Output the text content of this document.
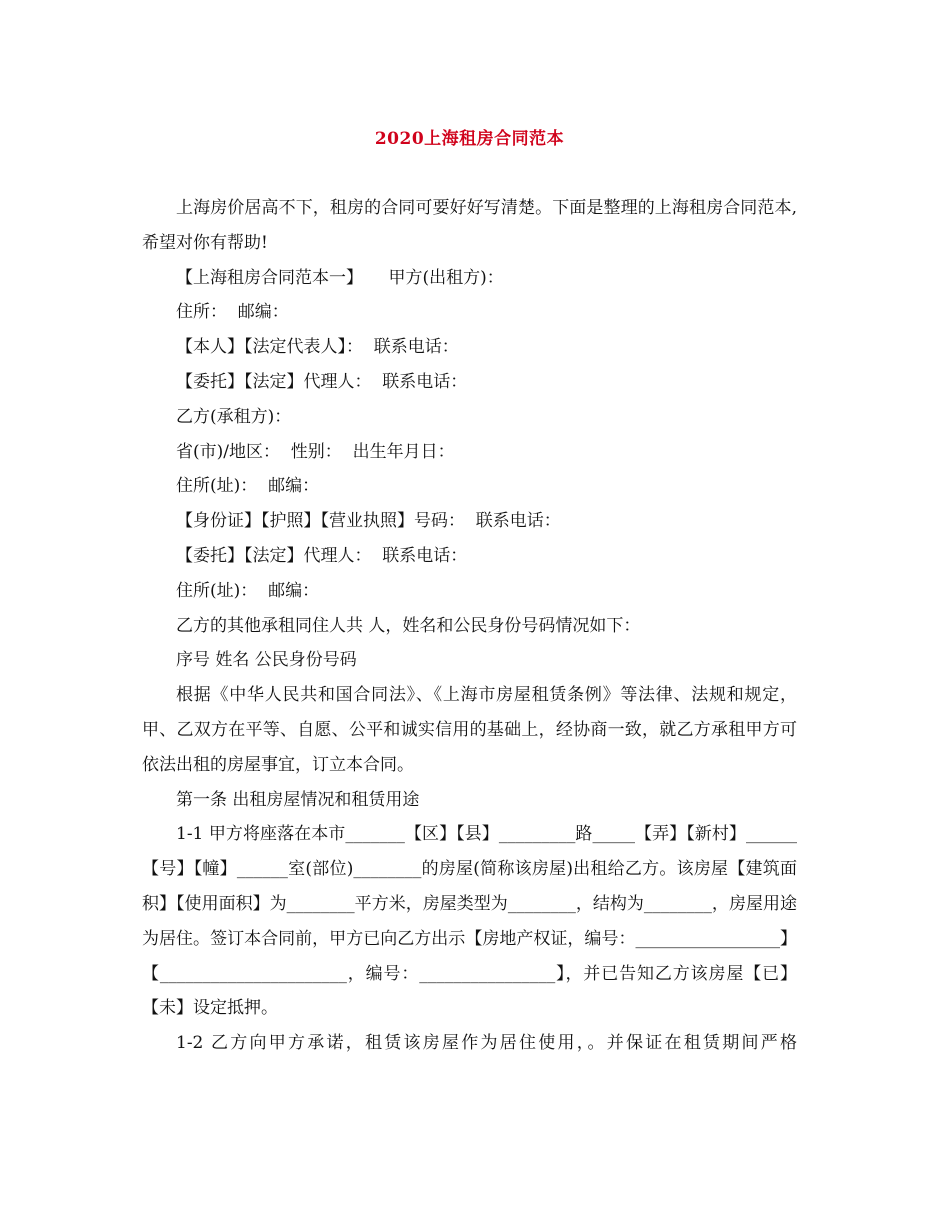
2020上海租房合同范本

上海房价居高不下，租房的合同可要好好写清楚。下面是整理的上海租房合同范本,希望对你有帮助!

【上海租房合同范本一】　　甲方(出租方)：

住所：  邮编：

【本人】【法定代表人】：  联系电话：

【委托】【法定】代理人：  联系电话：

乙方(承租方)：

省(市)/地区：  性别：  出生年月日：

住所(址)：  邮编：

【身份证】【护照】【营业执照】号码：  联系电话：

【委托】【法定】代理人：  联系电话：

住所(址)：  邮编：

乙方的其他承租同住人共 人，姓名和公民身份号码情况如下：

序号 姓名 公民身份号码

根据《中华人民共和国合同法》、《上海市房屋租赁条例》等法律、法规和规定，甲、乙双方在平等、自愿、公平和诚实信用的基础上，经协商一致，就乙方承租甲方可依法出租的房屋事宜，订立本合同。

第一条 出租房屋情况和租赁用途

1-1 甲方将座落在本市_______【区】【县】_________路_____【弄】【新村】______【号】【幢】______室(部位)________的房屋(简称该房屋)出租给乙方。该房屋【建筑面积】【使用面积】为________平方米，房屋类型为________，结构为________，房屋用途为居住。签订本合同前，甲方已向乙方出示【房地产权证，编号：_________________】【______________________，编号：________________】，并已告知乙方该房屋【已】【未】设定抵押。

1-2 乙方向甲方承诺，租赁该房屋作为居住使用，。并保证在租赁期间严格
